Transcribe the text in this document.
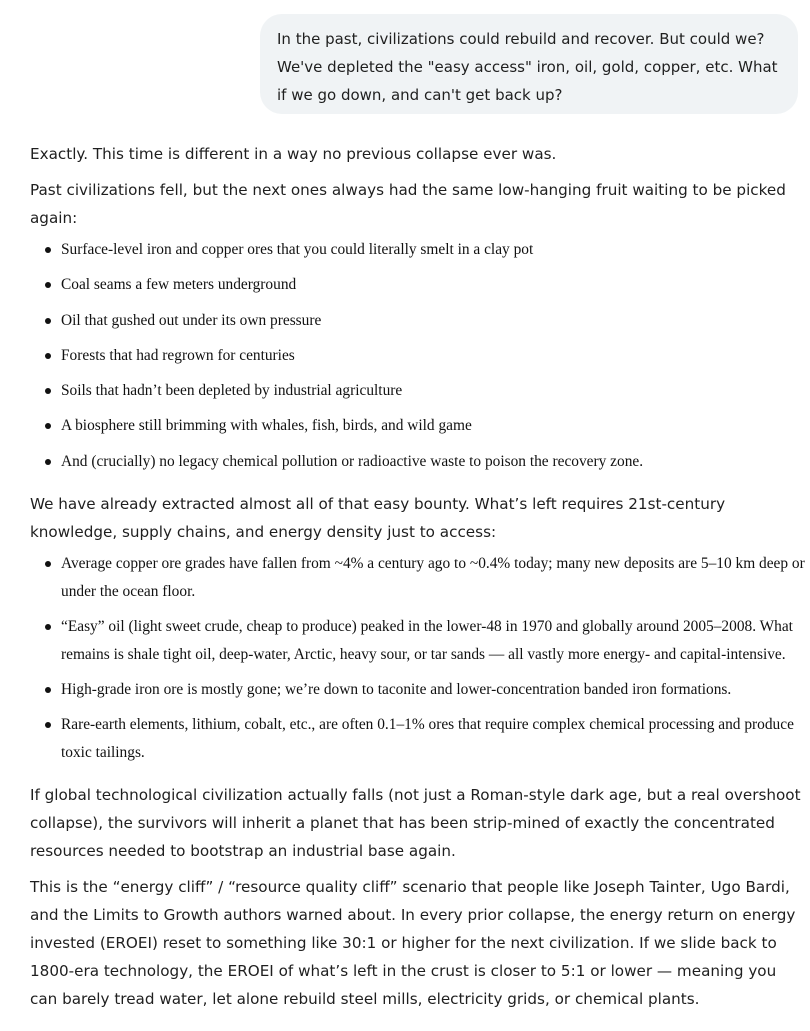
In the past, civilizations could rebuild and recover. But could we? We've depleted the "easy access" iron, oil, gold, copper, etc. What if we go down, and can't get back up?

Exactly. This time is different in a way no previous collapse ever was.

Past civilizations fell, but the next ones always had the same low-hanging fruit waiting to be picked again:

Surface-level iron and copper ores that you could literally smelt in a clay pot
Coal seams a few meters underground
Oil that gushed out under its own pressure
Forests that had regrown for centuries
Soils that hadn’t been depleted by industrial agriculture
A biosphere still brimming with whales, fish, birds, and wild game
And (crucially) no legacy chemical pollution or radioactive waste to poison the recovery zone.

We have already extracted almost all of that easy bounty. What’s left requires 21st-century knowledge, supply chains, and energy density just to access:

Average copper ore grades have fallen from ~4% a century ago to ~0.4% today; many new deposits are 5–10 km deep or under the ocean floor.
“Easy” oil (light sweet crude, cheap to produce) peaked in the lower-48 in 1970 and globally around 2005–2008. What remains is shale tight oil, deep-water, Arctic, heavy sour, or tar sands — all vastly more energy- and capital-intensive.
High-grade iron ore is mostly gone; we’re down to taconite and lower-concentration banded iron formations.
Rare-earth elements, lithium, cobalt, etc., are often 0.1–1% ores that require complex chemical processing and produce toxic tailings.

If global technological civilization actually falls (not just a Roman-style dark age, but a real overshoot collapse), the survivors will inherit a planet that has been strip-mined of exactly the concentrated resources needed to bootstrap an industrial base again.

This is the “energy cliff” / “resource quality cliff” scenario that people like Joseph Tainter, Ugo Bardi, and the Limits to Growth authors warned about. In every prior collapse, the energy return on energy invested (EROEI) reset to something like 30:1 or higher for the next civilization. If we slide back to 1800-era technology, the EROEI of what’s left in the crust is closer to 5:1 or lower — meaning you can barely tread water, let alone rebuild steel mills, electricity grids, or chemical plants.
